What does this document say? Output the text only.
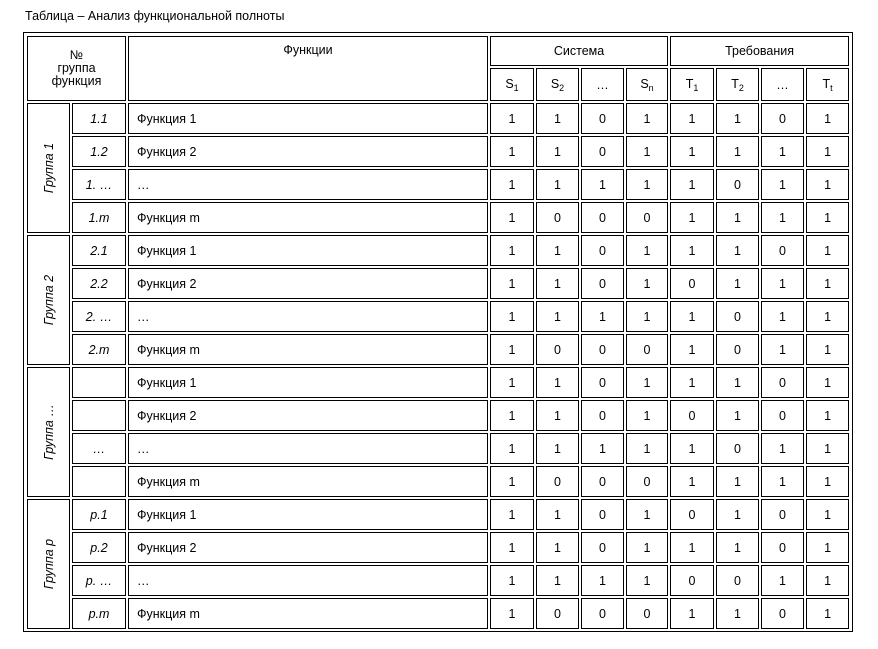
Таблица – Анализ функциональной полноты
№
группа
функция		Функции	Система				Требования			
			$S_1$	$S_2$	…	$S_n$	$T_1$	$T_2$	…	$T_t$

Группа 1	1.1	Функция 1	1	1	0	1	1	1	0	1
	1.2	Функция 2	1	1	0	1	1	1	1	1
	1. …	…	1	1	1	1	1	0	1	1
	1.m	Функция m	1	0	0	0	1	1	1	1

Группа 2	2.1	Функция 1	1	1	0	1	1	1	0	1
	2.2	Функция 2	1	1	0	1	0	1	1	1
	2. …	…	1	1	1	1	1	0	1	1
	2.m	Функция m	1	0	0	0	1	0	1	1

Группа …		Функция 1	1	1	0	1	1	1	0	1
		Функция 2	1	1	0	1	0	1	0	1
	…	…	1	1	1	1	1	0	1	1
		Функция m	1	0	0	0	1	1	1	1

Группа p	p.1	Функция 1	1	1	0	1	0	1	0	1
	p.2	Функция 2	1	1	0	1	1	1	0	1
	p. …	…	1	1	1	1	0	0	1	1
	p.m	Функция m	1	0	0	0	1	1	0	1
